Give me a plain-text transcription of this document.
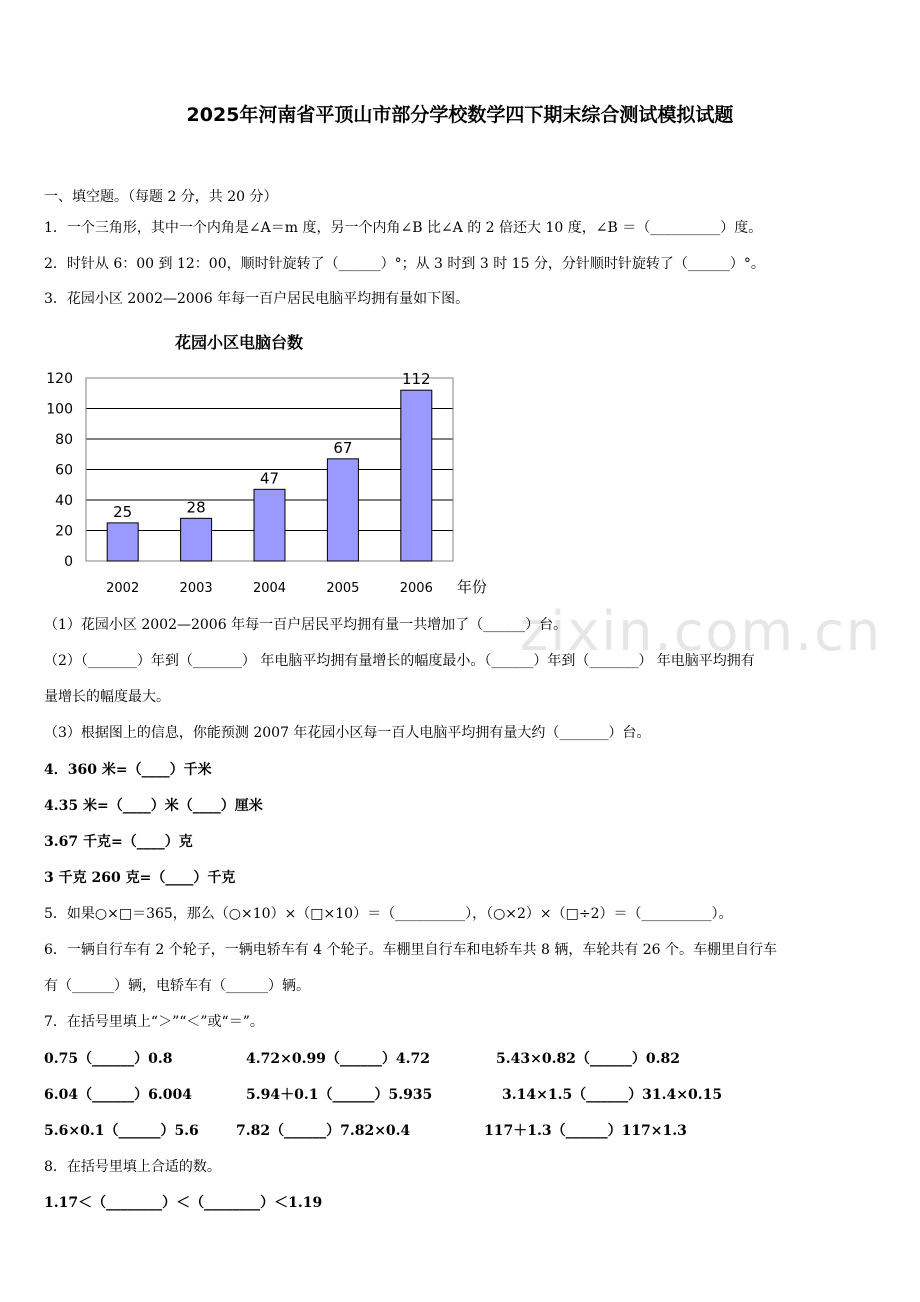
zixin.com.cn
2025年河南省平顶山市部分学校数学四下期末综合测试模拟试题
一、填空题。（每题 2 分，共 20 分）
1．一个三角形，其中一个内角是∠A＝m 度，另一个内角∠B 比∠A 的 2 倍还大 10 度，∠B ＝（__________）度。
2．时针从 6：00 到 12：00，顺时针旋转了（______）°；从 3 时到 3 时 15 分，分针顺时针旋转了（______）°。
3．花园小区 2002—2006 年每一百户居民电脑平均拥有量如下图。
花园小区电脑台数
0
20
40
60
80
100
120
25
2002
28
2003
47
2004
67
2005
112
2006 年份
（1）花园小区 2002—2006 年每一百户居民平均拥有量一共增加了（______）台。
（2）（_______）年到（_______） 年电脑平均拥有量增长的幅度最小。（______）年到（_______） 年电脑平均拥有
量增长的幅度最大。
（3）根据图上的信息，你能预测 2007 年花园小区每一百人电脑平均拥有量大约（_______）台。
4．360 米=（____）千米
4.35 米=（____）米（____）厘米
3.67 千克=（____）克
3 千克 260 克=（____）千克
5．如果○×□＝365，那么（○×10）×（□×10）＝（__________），（○×2）×（□÷2）＝（__________）。
6．一辆自行车有 2 个轮子，一辆电轿车有 4 个轮子。车棚里自行车和电轿车共 8 辆，车轮共有 26 个。车棚里自行车
有（______）辆，电轿车有（______）辆。
7．在括号里填上“＞”“＜”或“＝”。
0.75（______）0.8	4.72×0.99（______）4.72	5.43×0.82（______）0.82
6.04（______）6.004	5.94＋0.1（______）5.935	3.14×1.5（______）31.4×0.15
5.6×0.1（______）5.6	7.82（______）7.82×0.4	117＋1.3（______）117×1.3
8．在括号里填上合适的数。
1.17＜（________）＜（________）＜1.19
